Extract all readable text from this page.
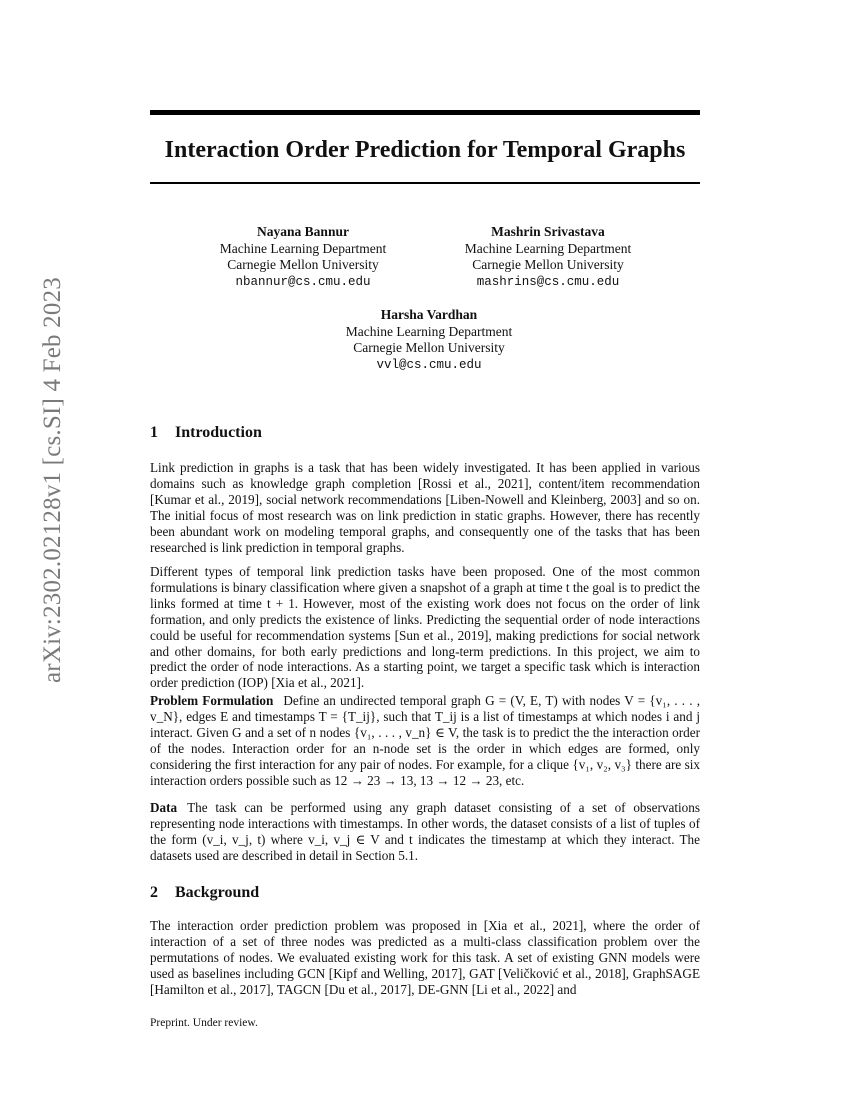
arXiv:2302.02128v1 [cs.SI] 4 Feb 2023
Interaction Order Prediction for Temporal Graphs
Nayana Bannur
Machine Learning Department
Carnegie Mellon University
nbannur@cs.cmu.edu
Mashrin Srivastava
Machine Learning Department
Carnegie Mellon University
mashrins@cs.cmu.edu
Harsha Vardhan
Machine Learning Department
Carnegie Mellon University
vvl@cs.cmu.edu
1 Introduction

Link prediction in graphs is a task that has been widely investigated. It has been applied in various domains such as knowledge graph completion [Rossi et al., 2021], content/item recommendation [Kumar et al., 2019], social network recommendations [Liben-Nowell and Kleinberg, 2003] and so on. The initial focus of most research was on link prediction in static graphs. However, there has recently been abundant work on modeling temporal graphs, and consequently one of the tasks that has been researched is link prediction in temporal graphs.

Different types of temporal link prediction tasks have been proposed. One of the most common formulations is binary classification where given a snapshot of a graph at time t the goal is to predict the links formed at time t + 1. However, most of the existing work does not focus on the order of link formation, and only predicts the existence of links. Predicting the sequential order of node interactions could be useful for recommendation systems [Sun et al., 2019], making predictions for social network and other domains, for both early predictions and long-term predictions. In this project, we aim to predict the order of node interactions. As a starting point, we target a specific task which is interaction order prediction (IOP) [Xia et al., 2021].

Problem Formulation Define an undirected temporal graph G = (V, E, T) with nodes V = {v₁, . . . , v_N}, edges E and timestamps T = {T_ij}, such that T_ij is a list of timestamps at which nodes i and j interact. Given G and a set of n nodes {v₁, . . . , v_n} ∈ V, the task is to predict the the interaction order of the nodes. Interaction order for an n-node set is the order in which edges are formed, only considering the first interaction for any pair of nodes. For example, for a clique {v₁, v₂, v₃} there are six interaction orders possible such as 12 → 23 → 13, 13 → 12 → 23, etc.

Data The task can be performed using any graph dataset consisting of a set of observations representing node interactions with timestamps. In other words, the dataset consists of a list of tuples of the form (v_i, v_j, t) where v_i, v_j ∈ V and t indicates the timestamp at which they interact. The datasets used are described in detail in Section 5.1.

2 Background

The interaction order prediction problem was proposed in [Xia et al., 2021], where the order of interaction of a set of three nodes was predicted as a multi-class classification problem over the permutations of nodes. We evaluated existing work for this task. A set of existing GNN models were used as baselines including GCN [Kipf and Welling, 2017], GAT [Veličković et al., 2018], GraphSAGE [Hamilton et al., 2017], TAGCN [Du et al., 2017], DE-GNN [Li et al., 2022] and

Preprint. Under review.
